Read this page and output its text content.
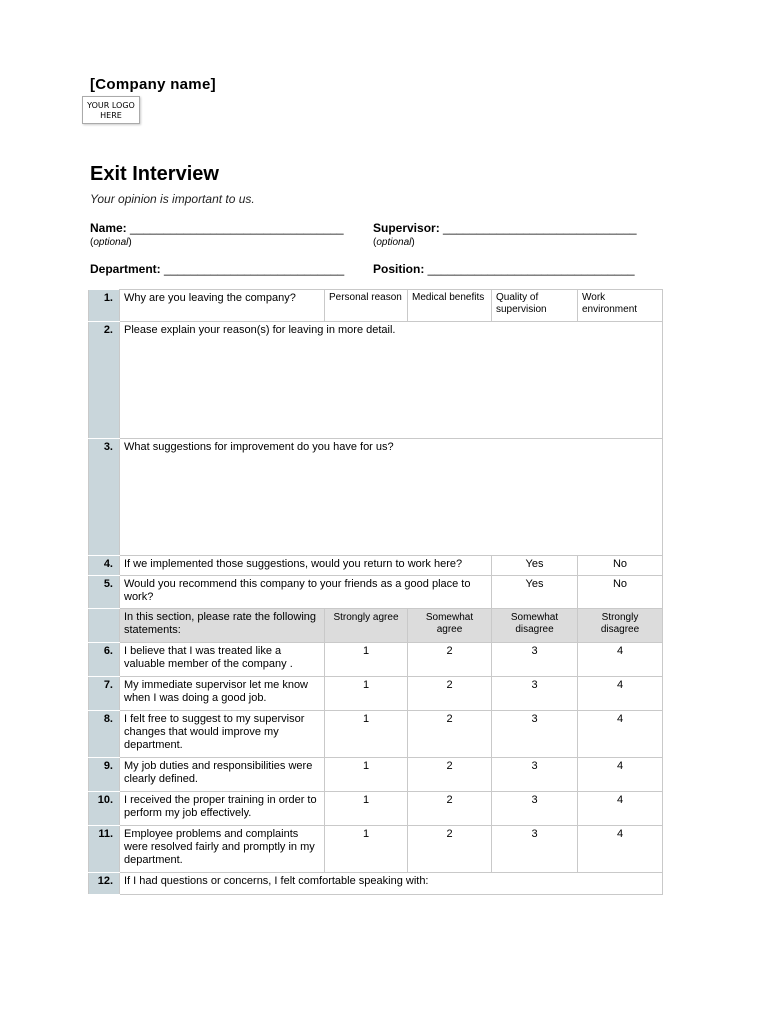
[Company name]
YOUR LOGO
HERE
Exit Interview
Your opinion is important to us.
Name: ________________________________
(optional)
Supervisor: _____________________________
(optional)
Department: ___________________________ Position: _______________________________
1.	Why are you leaving the company?	Personal reason	Medical benefits	Quality of supervision	Work environment
2.	Please explain your reason(s) for leaving in more detail.				
3.	What suggestions for improvement do you have for us?				
4.	If we implemented those suggestions, would you return to work here?			Yes	No
5.	Would you recommend this company to your friends as a good place to work?			Yes	No
	In this section, please rate the following statements:	Strongly agree	Somewhat agree	Somewhat disagree	Strongly disagree
6.	I believe that I was treated like a valuable member of the company .	1	2	3	4
7.	My immediate supervisor let me know when I was doing a good job.	1	2	3	4
8.	I felt free to suggest to my supervisor changes that would improve my department.	1	2	3	4
9.	My job duties and responsibilities were clearly defined.	1	2	3	4
10.	I received the proper training in order to perform my job effectively.	1	2	3	4
11.	Employee problems and complaints were resolved fairly and promptly in my department.	1	2	3	4
12.	If I had questions or concerns, I felt comfortable speaking with:				
